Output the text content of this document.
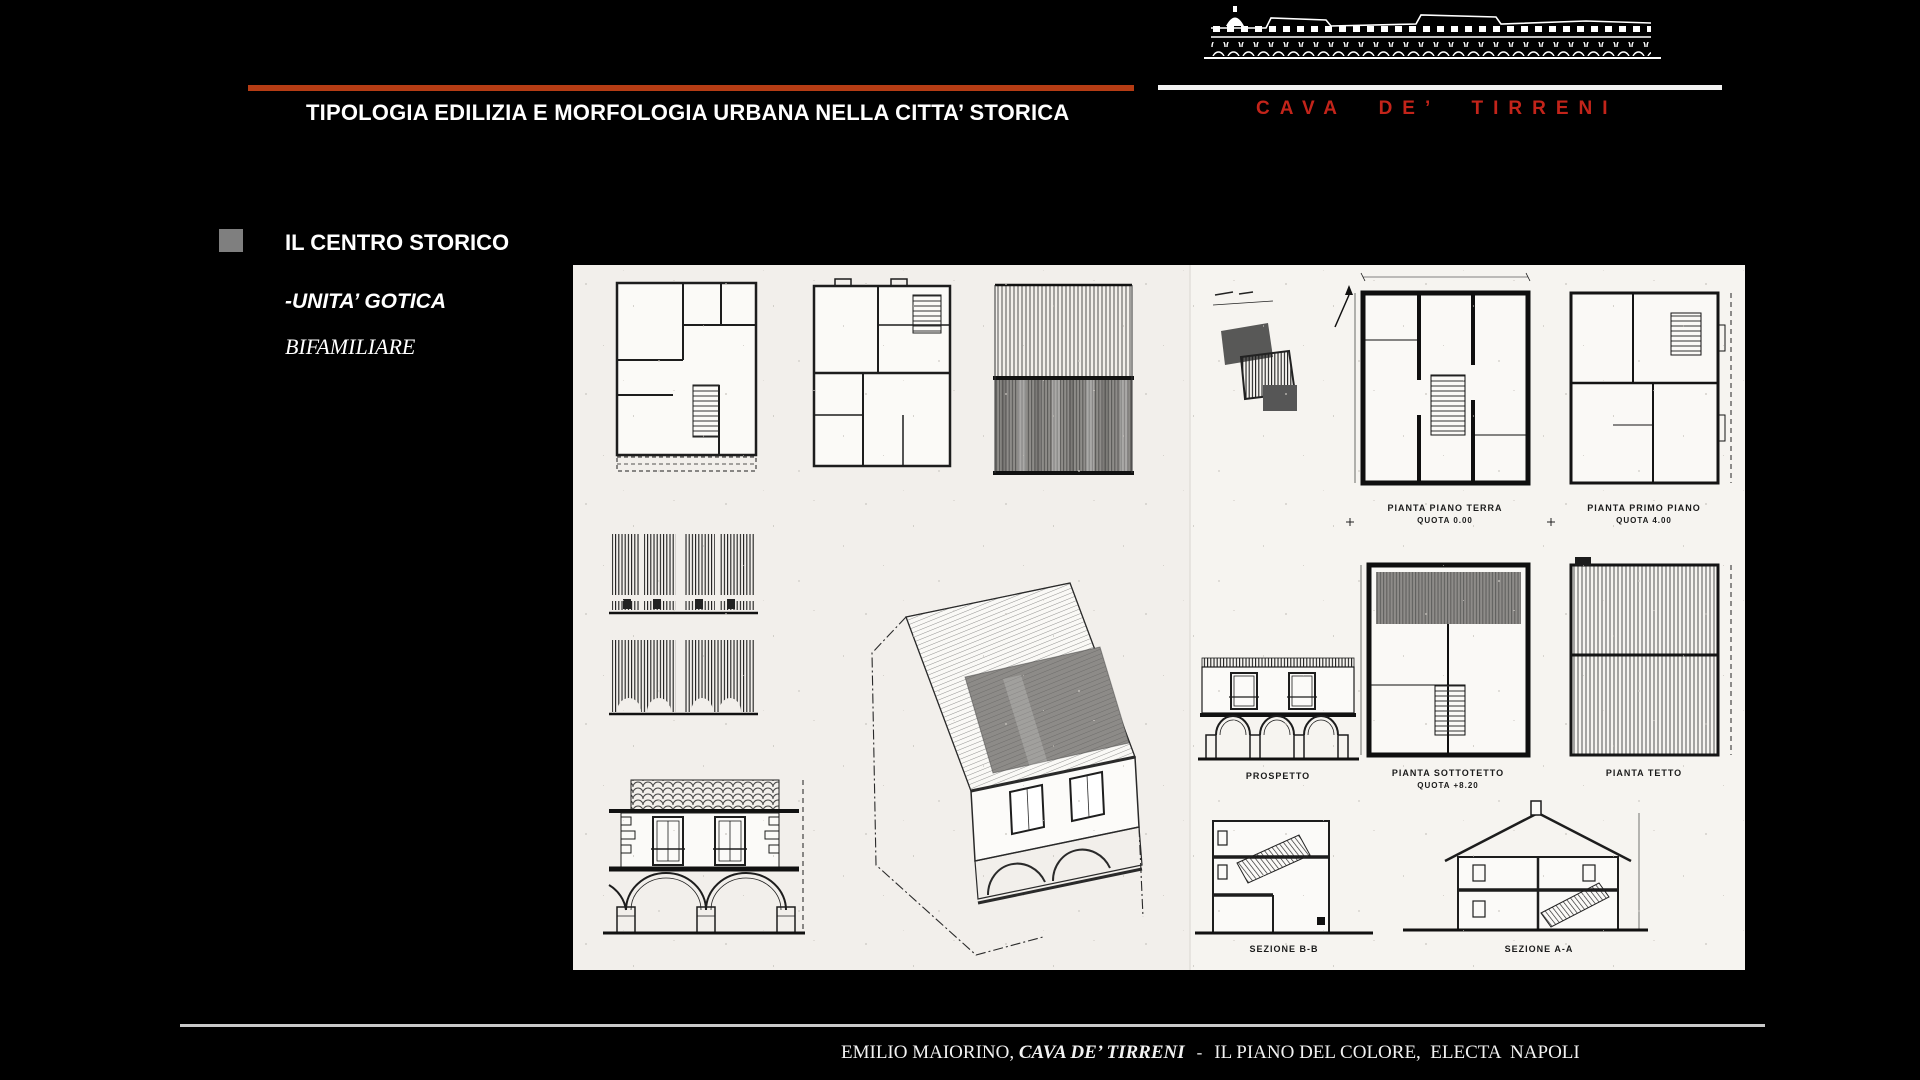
TIPOLOGIA EDILIZIA E MORFOLOGIA URBANA NELLA CITTA’ STORICA	CAVA DE’ TIRRENI
IL CENTRO STORICO
-UNITA’ GOTICA
BIFAMILIARE
EMILIO MAIORINO, CAVA DE’ TIRRENI - IL PIANO DEL COLORE,  ELECTA  NAPOLI
